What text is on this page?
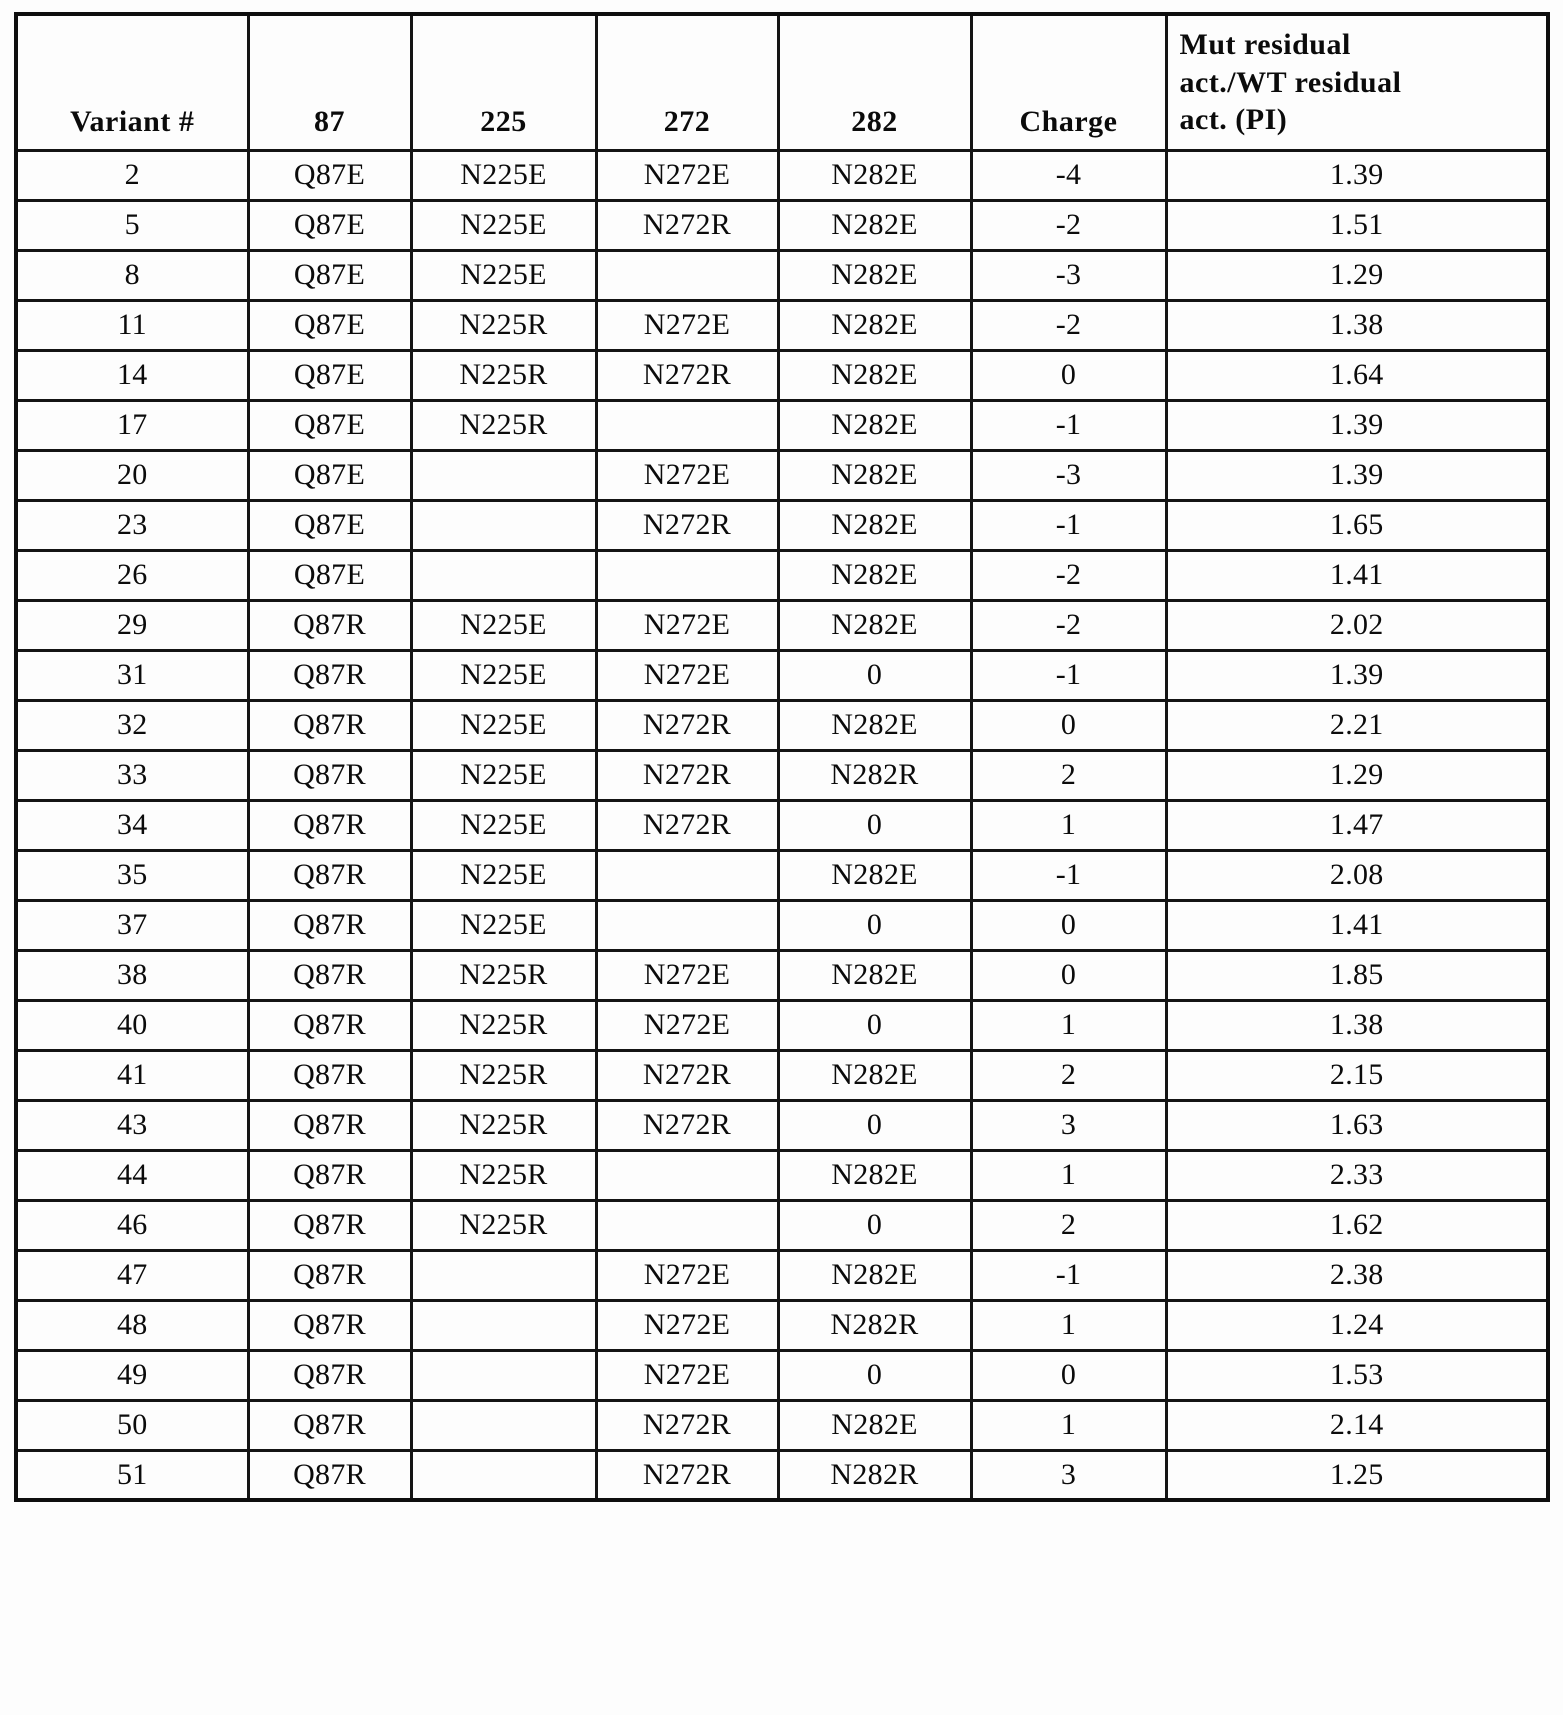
Variant #	87	225	272	282	Charge	Mut residual act./WT residual act. (PI)

2	Q87E	N225E	N272E	N282E	-4	1.39
5	Q87E	N225E	N272R	N282E	-2	1.51
8	Q87E	N225E		N282E	-3	1.29
11	Q87E	N225R	N272E	N282E	-2	1.38
14	Q87E	N225R	N272R	N282E	0	1.64
17	Q87E	N225R		N282E	-1	1.39
20	Q87E		N272E	N282E	-3	1.39
23	Q87E		N272R	N282E	-1	1.65
26	Q87E			N282E	-2	1.41
29	Q87R	N225E	N272E	N282E	-2	2.02
31	Q87R	N225E	N272E	0	-1	1.39
32	Q87R	N225E	N272R	N282E	0	2.21
33	Q87R	N225E	N272R	N282R	2	1.29
34	Q87R	N225E	N272R	0	1	1.47
35	Q87R	N225E		N282E	-1	2.08
37	Q87R	N225E		0	0	1.41
38	Q87R	N225R	N272E	N282E	0	1.85
40	Q87R	N225R	N272E	0	1	1.38
41	Q87R	N225R	N272R	N282E	2	2.15
43	Q87R	N225R	N272R	0	3	1.63
44	Q87R	N225R		N282E	1	2.33
46	Q87R	N225R		0	2	1.62
47	Q87R		N272E	N282E	-1	2.38
48	Q87R		N272E	N282R	1	1.24
49	Q87R		N272E	0	0	1.53
50	Q87R		N272R	N282E	1	2.14
51	Q87R		N272R	N282R	3	1.25
